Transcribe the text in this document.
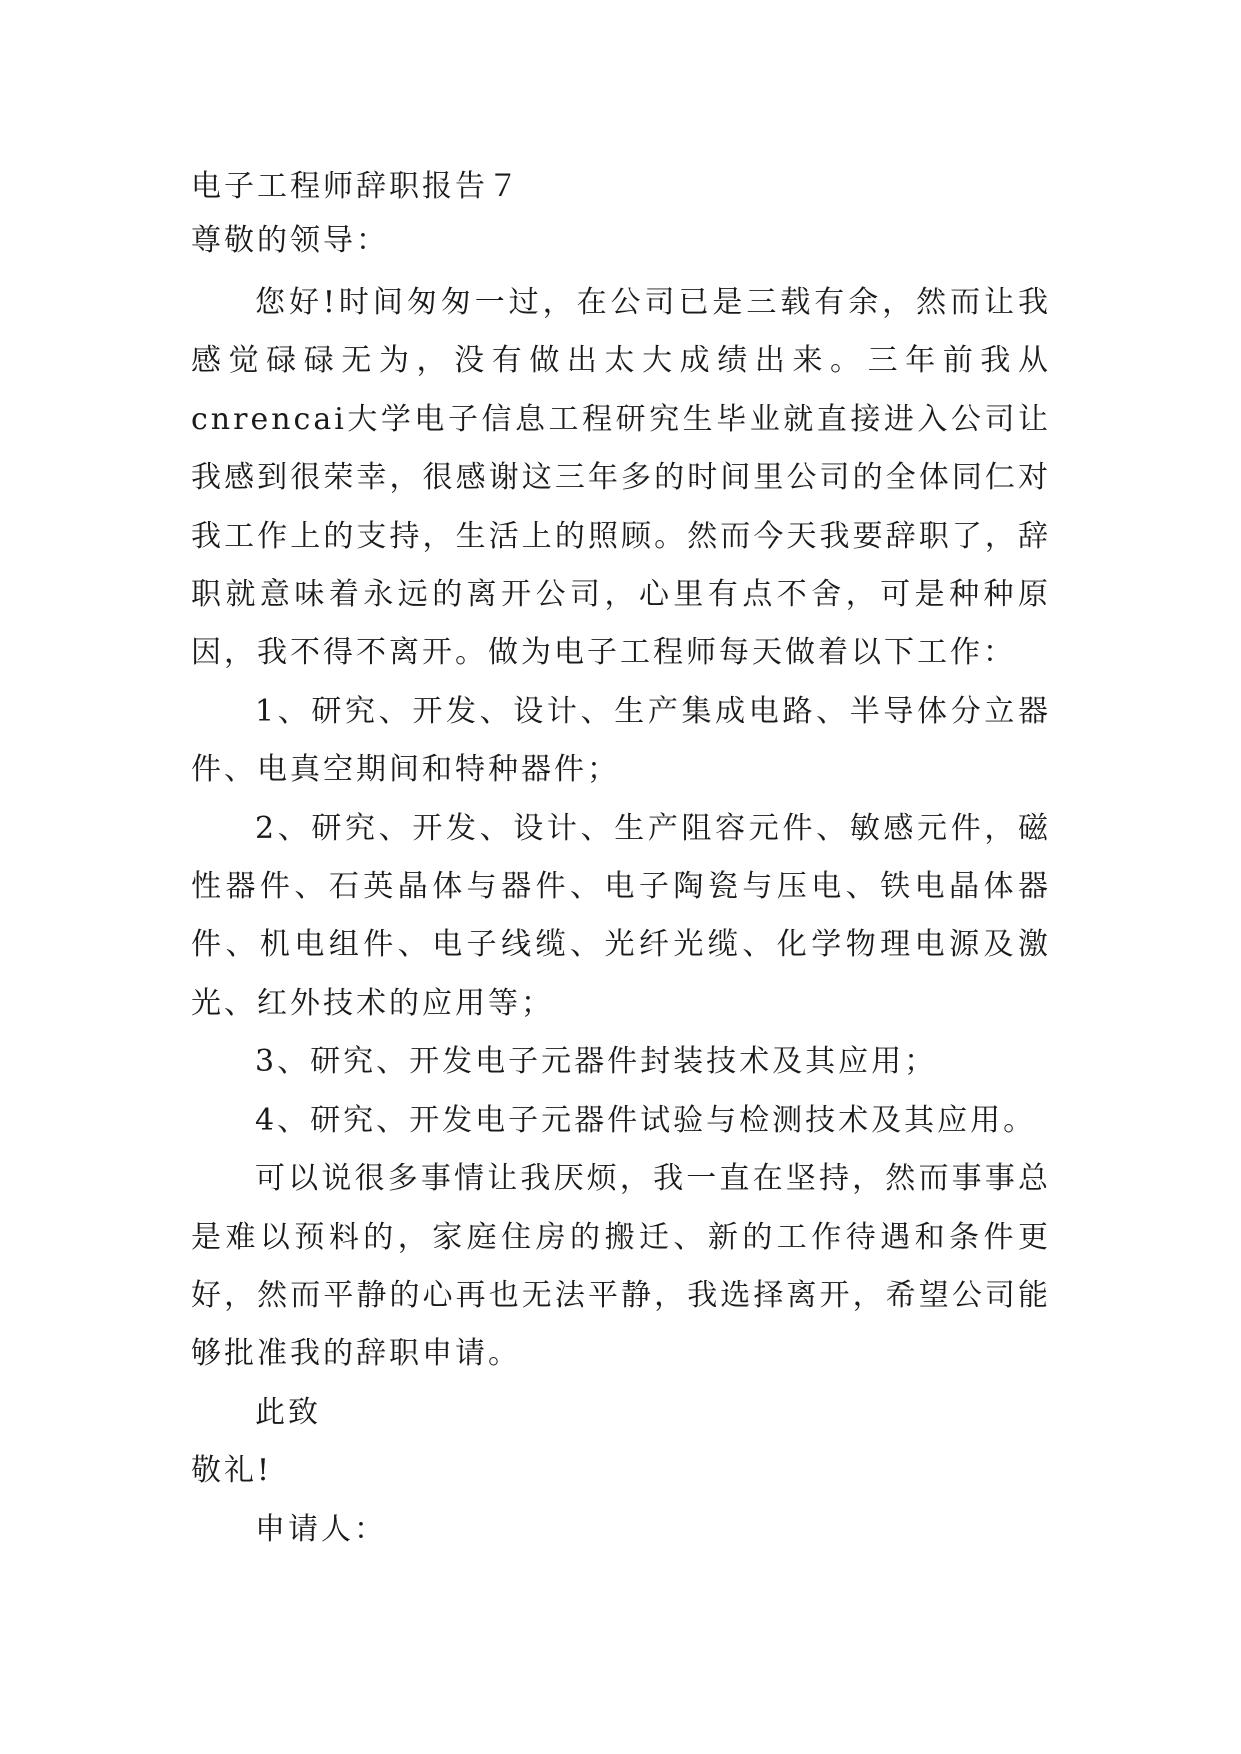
电子工程师辞职报告７

尊敬的领导：

您好!时间匆匆一过，在公司已是三载有余，然而让我感觉碌碌无为，没有做出太大成绩出来。三年前我从cnrencai大学电子信息工程研究生毕业就直接进入公司让我感到很荣幸，很感谢这三年多的时间里公司的全体同仁对我工作上的支持，生活上的照顾。然而今天我要辞职了，辞职就意味着永远的离开公司，心里有点不舍，可是种种原因，我不得不离开。做为电子工程师每天做着以下工作：

1、研究、开发、设计、生产集成电路、半导体分立器件、电真空期间和特种器件；

2、研究、开发、设计、生产阻容元件、敏感元件，磁性器件、石英晶体与器件、电子陶瓷与压电、铁电晶体器件、机电组件、电子线缆、光纤光缆、化学物理电源及激光、红外技术的应用等；

3、研究、开发电子元器件封装技术及其应用；

4、研究、开发电子元器件试验与检测技术及其应用。

可以说很多事情让我厌烦，我一直在坚持，然而事事总是难以预料的，家庭住房的搬迁、新的工作待遇和条件更好，然而平静的心再也无法平静，我选择离开，希望公司能够批准我的辞职申请。

此致

敬礼!

申请人：
